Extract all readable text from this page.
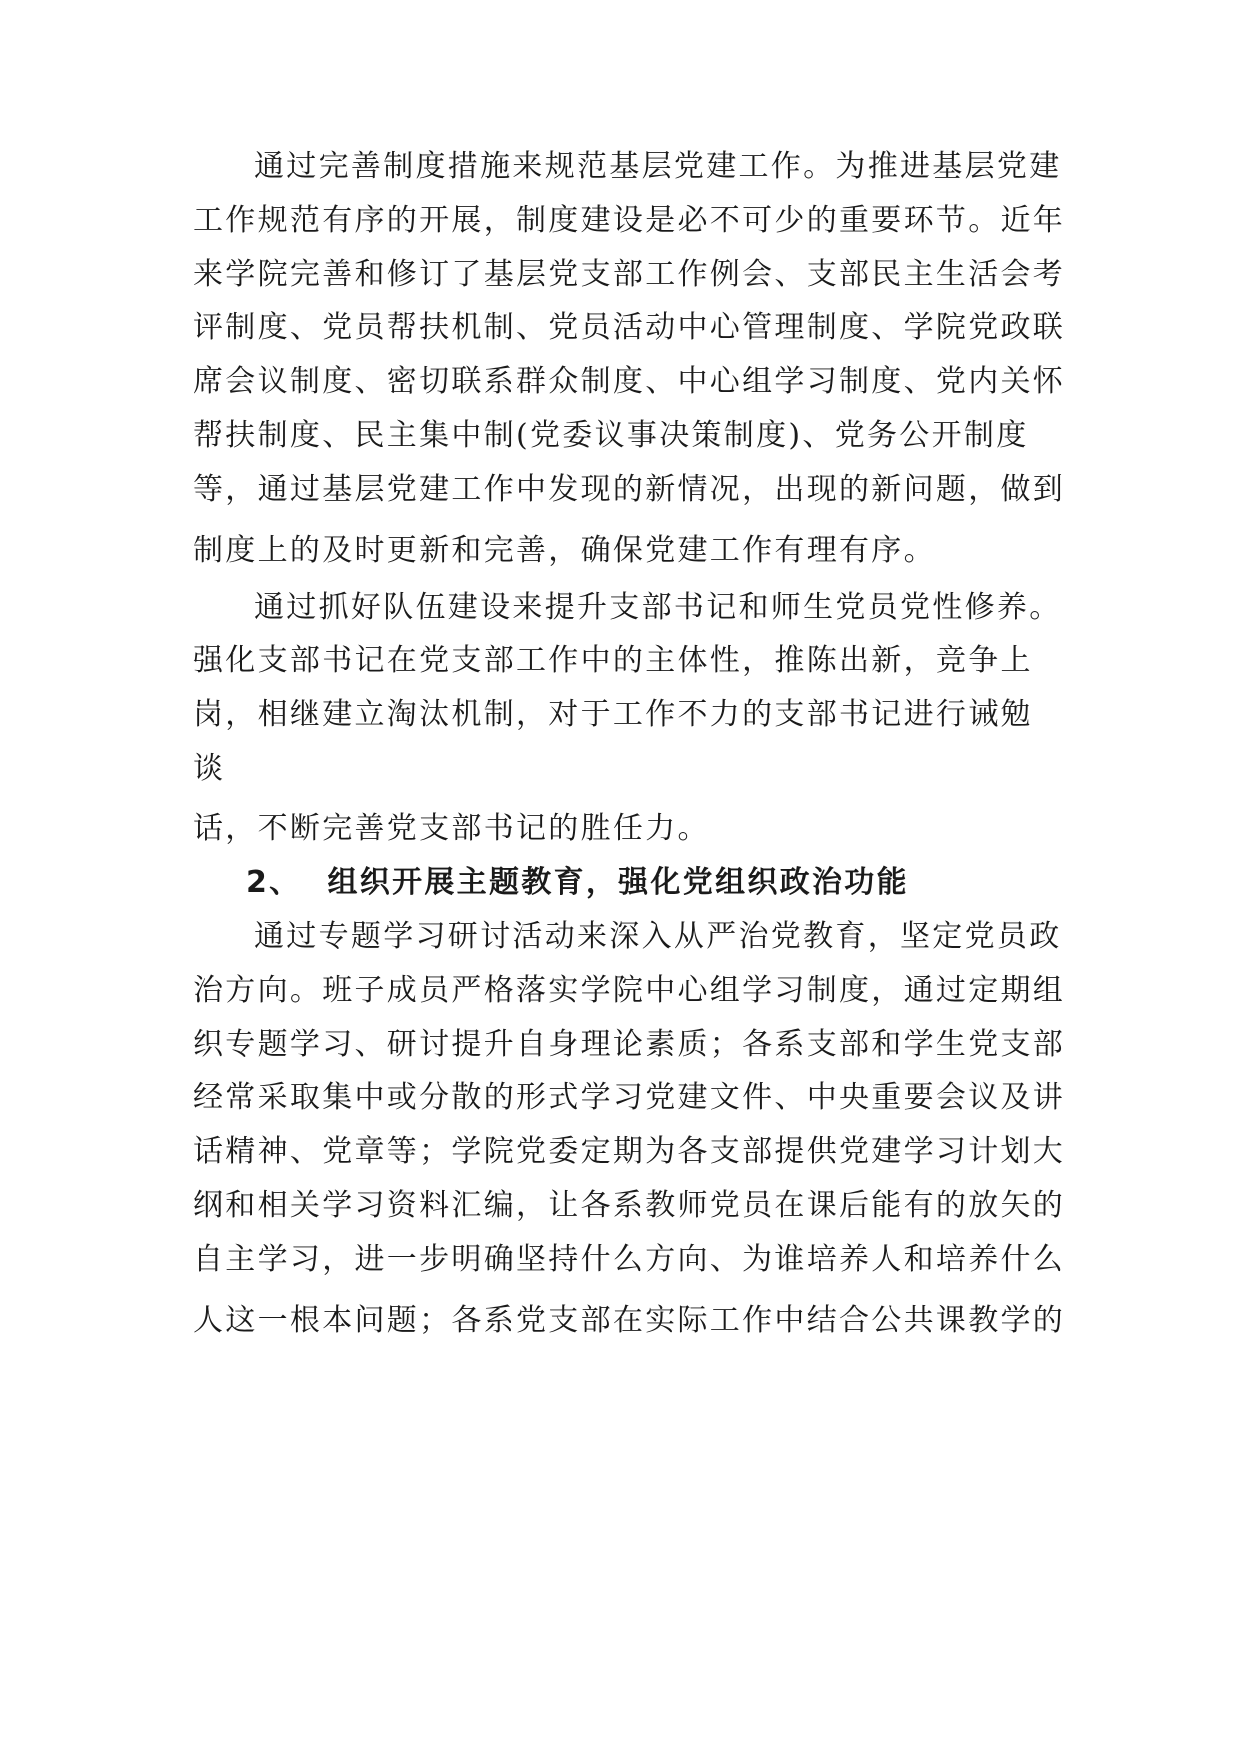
通过完善制度措施来规范基层党建工作。为推进基层党建
工作规范有序的开展，制度建设是必不可少的重要环节。近年
来学院完善和修订了基层党支部工作例会、支部民主生活会考
评制度、党员帮扶机制、党员活动中心管理制度、学院党政联
席会议制度、密切联系群众制度、中心组学习制度、党内关怀
帮扶制度、民主集中制(党委议事决策制度)、党务公开制度
等，通过基层党建工作中发现的新情况，出现的新问题，做到
制度上的及时更新和完善，确保党建工作有理有序。
通过抓好队伍建设来提升支部书记和师生党员党性修养。
强化支部书记在党支部工作中的主体性，推陈出新，竞争上
岗，相继建立淘汰机制，对于工作不力的支部书记进行诫勉
谈
话，不断完善党支部书记的胜任力。
2、 组织开展主题教育，强化党组织政治功能
通过专题学习研讨活动来深入从严治党教育，坚定党员政
治方向。班子成员严格落实学院中心组学习制度，通过定期组
织专题学习、研讨提升自身理论素质；各系支部和学生党支部
经常采取集中或分散的形式学习党建文件、中央重要会议及讲
话精神、党章等；学院党委定期为各支部提供党建学习计划大
纲和相关学习资料汇编，让各系教师党员在课后能有的放矢的
自主学习，进一步明确坚持什么方向、为谁培养人和培养什么
人这一根本问题；各系党支部在实际工作中结合公共课教学的
